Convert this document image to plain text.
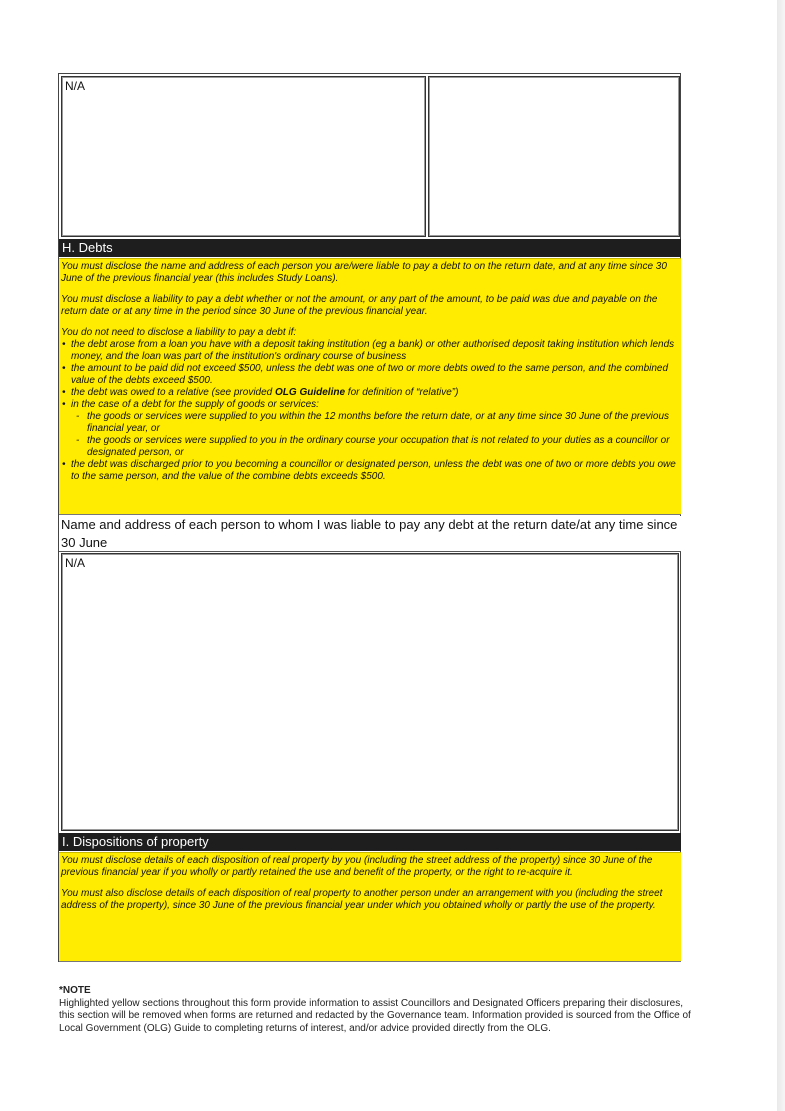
N/A
H. Debts

You must disclose the name and address of each person you are/were liable to pay a debt to on the return date, and at any time since 30 June of the previous financial year (this includes Study Loans).

You must disclose a liability to pay a debt whether or not the amount, or any part of the amount, to be paid was due and payable on the return date or at any time in the period since 30 June of the previous financial year.

You do not need to disclose a liability to pay a debt if:

• the debt arose from a loan you have with a deposit taking institution (eg a bank) or other authorised deposit taking institution which lends money, and the loan was part of the institution's ordinary course of business
• the amount to be paid did not exceed $500, unless the debt was one of two or more debts owed to the same person, and the combined value of the debts exceed $500.
• the debt was owed to a relative (see provided OLG Guideline for definition of “relative”)
• in the case of a debt for the supply of goods or services:
- the goods or services were supplied to you within the 12 months before the return date, or at any time since 30 June of the previous financial year, or
- the goods or services were supplied to you in the ordinary course your occupation that is not related to your duties as a councillor or designated person, or
• the debt was discharged prior to you becoming a councillor or designated person, unless the debt was one of two or more debts you owe to the same person, and the value of the combine debts exceeds $500.
Name and address of each person to whom I was liable to pay any debt at the return date/at any time since 30 June
N/A
I. Dispositions of property

You must disclose details of each disposition of real property by you (including the street address of the property) since 30 June of the previous financial year if you wholly or partly retained the use and benefit of the property, or the right to re-acquire it.

You must also disclose details of each disposition of real property to another person under an arrangement with you (including the street address of the property), since 30 June of the previous financial year under which you obtained wholly or partly the use of the property.

*NOTE
Highlighted yellow sections throughout this form provide information to assist Councillors and Designated Officers preparing their disclosures, this section will be removed when forms are returned and redacted by the Governance team. Information provided is sourced from the Office of Local Government (OLG) Guide to completing returns of interest, and/or advice provided directly from the OLG.
